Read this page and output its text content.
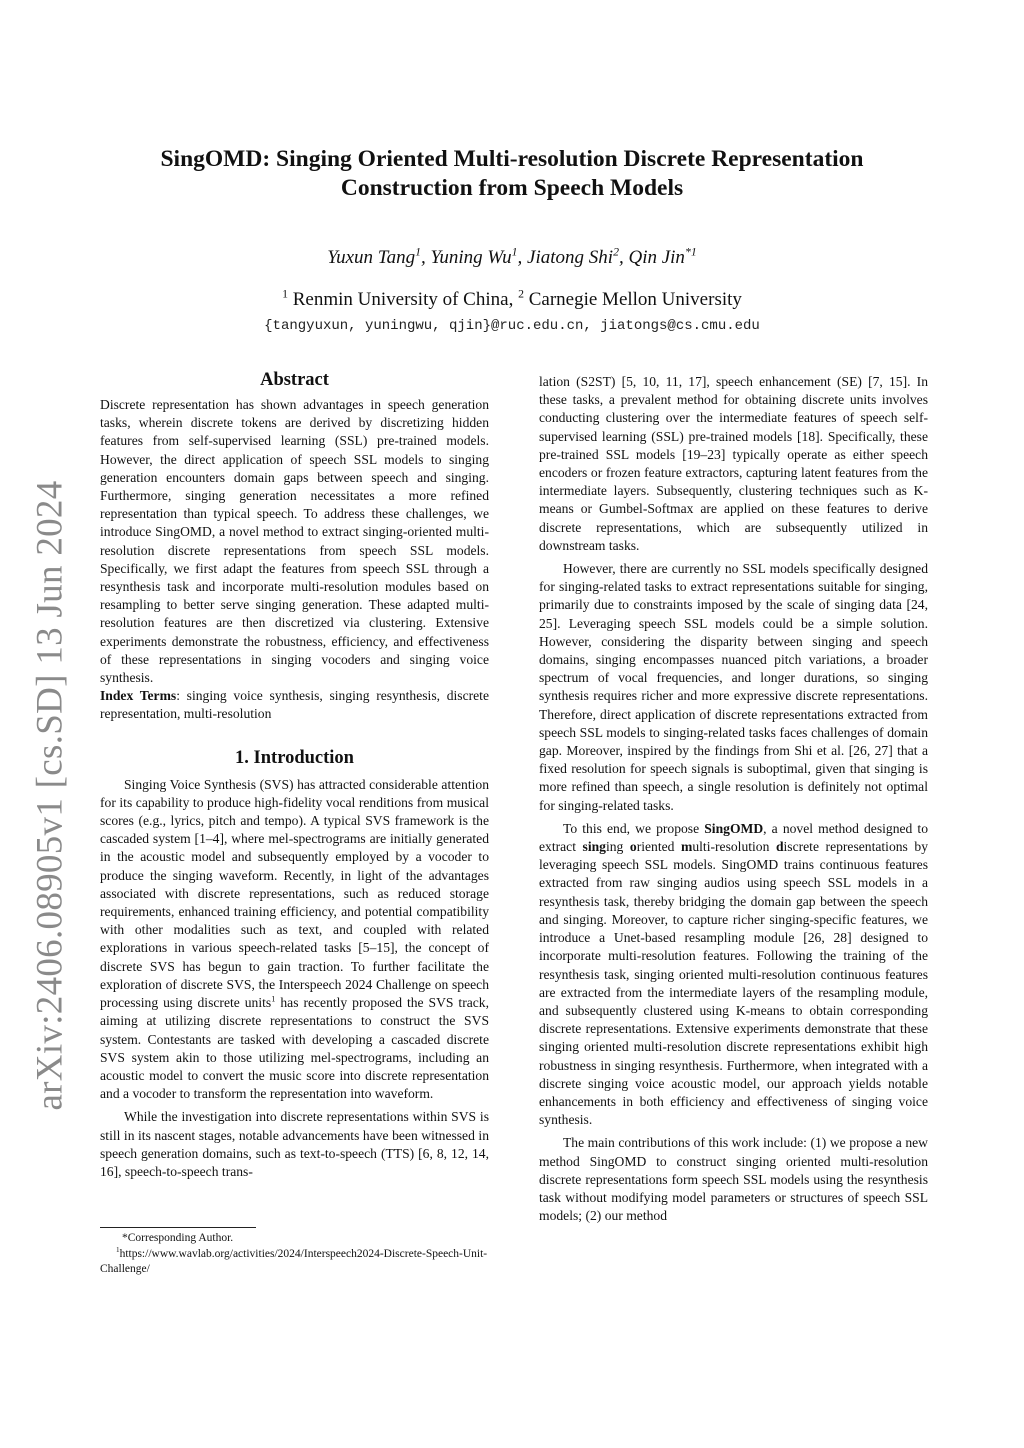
arXiv:2406.08905v1 [cs.SD] 13 Jun 2024
SingOMD: Singing Oriented Multi-resolution Discrete Representation
Construction from Speech Models
Yuxun Tang$^1$, Yuning Wu$^1$, Jiatong Shi$^2$, Qin Jin$^{*1}$
$^1$ Renmin University of China, $^2$ Carnegie Mellon University
{tangyuxun, yuningwu, qjin}@ruc.edu.cn, jiatongs@cs.cmu.edu
Abstract

Discrete representation has shown advantages in speech generation tasks, wherein discrete tokens are derived by discretizing hidden features from self-supervised learning (SSL) pre-trained models. However, the direct application of speech SSL models to singing generation encounters domain gaps between speech and singing. Furthermore, singing generation necessitates a more refined representation than typical speech. To address these challenges, we introduce SingOMD, a novel method to extract singing-oriented multi-resolution discrete representations from speech SSL models. Specifically, we first adapt the features from speech SSL through a resynthesis task and incorporate multi-resolution modules based on resampling to better serve singing generation. These adapted multi-resolution features are then discretized via clustering. Extensive experiments demonstrate the robustness, efficiency, and effectiveness of these representations in singing vocoders and singing voice synthesis.

Index Terms: singing voice synthesis, singing resynthesis, discrete representation, multi-resolution

1. Introduction

Singing Voice Synthesis (SVS) has attracted considerable attention for its capability to produce high-fidelity vocal renditions from musical scores (e.g., lyrics, pitch and tempo). A typical SVS framework is the cascaded system [1–4], where mel-spectrograms are initially generated in the acoustic model and subsequently employed by a vocoder to produce the singing waveform. Recently, in light of the advantages associated with discrete representations, such as reduced storage requirements, enhanced training efficiency, and potential compatibility with other modalities such as text, and coupled with related explorations in various speech-related tasks [5–15], the concept of discrete SVS has begun to gain traction. To further facilitate the exploration of discrete SVS, the Interspeech 2024 Challenge on speech processing using discrete units$^1$ has recently proposed the SVS track, aiming at utilizing discrete representations to construct the SVS system. Contestants are tasked with developing a cascaded discrete SVS system akin to those utilizing mel-spectrograms, including an acoustic model to convert the music score into discrete representation and a vocoder to transform the representation into waveform.

While the investigation into discrete representations within SVS is still in its nascent stages, notable advancements have been witnessed in speech generation domains, such as text-to-speech (TTS) [6, 8, 12, 14, 16], speech-to-speech trans-

*Corresponding Author.
$^1$https://www.wavlab.org/activities/2024/Interspeech2024-Discrete-Speech-Unit-Challenge/

lation (S2ST) [5, 10, 11, 17], speech enhancement (SE) [7, 15]. In these tasks, a prevalent method for obtaining discrete units involves conducting clustering over the intermediate features of speech self-supervised learning (SSL) pre-trained models [18]. Specifically, these pre-trained SSL models [19–23] typically operate as either speech encoders or frozen feature extractors, capturing latent features from the intermediate layers. Subsequently, clustering techniques such as K-means or Gumbel-Softmax are applied on these features to derive discrete representations, which are subsequently utilized in downstream tasks.

However, there are currently no SSL models specifically designed for singing-related tasks to extract representations suitable for singing, primarily due to constraints imposed by the scale of singing data [24, 25]. Leveraging speech SSL models could be a simple solution. However, considering the disparity between singing and speech domains, singing encompasses nuanced pitch variations, a broader spectrum of vocal frequencies, and longer durations, so singing synthesis requires richer and more expressive discrete representations. Therefore, direct application of discrete representations extracted from speech SSL models to singing-related tasks faces challenges of domain gap. Moreover, inspired by the findings from Shi et al. [26, 27] that a fixed resolution for speech signals is suboptimal, given that singing is more refined than speech, a single resolution is definitely not optimal for singing-related tasks.

To this end, we propose SingOMD, a novel method designed to extract singing oriented multi-resolution discrete representations by leveraging speech SSL models. SingOMD trains continuous features extracted from raw singing audios using speech SSL models in a resynthesis task, thereby bridging the domain gap between the speech and singing. Moreover, to capture richer singing-specific features, we introduce a Unet-based resampling module [26, 28] designed to incorporate multi-resolution features. Following the training of the resynthesis task, singing oriented multi-resolution continuous features are extracted from the intermediate layers of the resampling module, and subsequently clustered using K-means to obtain corresponding discrete representations. Extensive experiments demonstrate that these singing oriented multi-resolution discrete representations exhibit high robustness in singing resynthesis. Furthermore, when integrated with a discrete singing voice acoustic model, our approach yields notable enhancements in both efficiency and effectiveness of singing voice synthesis.

The main contributions of this work include: (1) we propose a new method SingOMD to construct singing oriented multi-resolution discrete representations form speech SSL models using the resynthesis task without modifying model parameters or structures of speech SSL models; (2) our method
